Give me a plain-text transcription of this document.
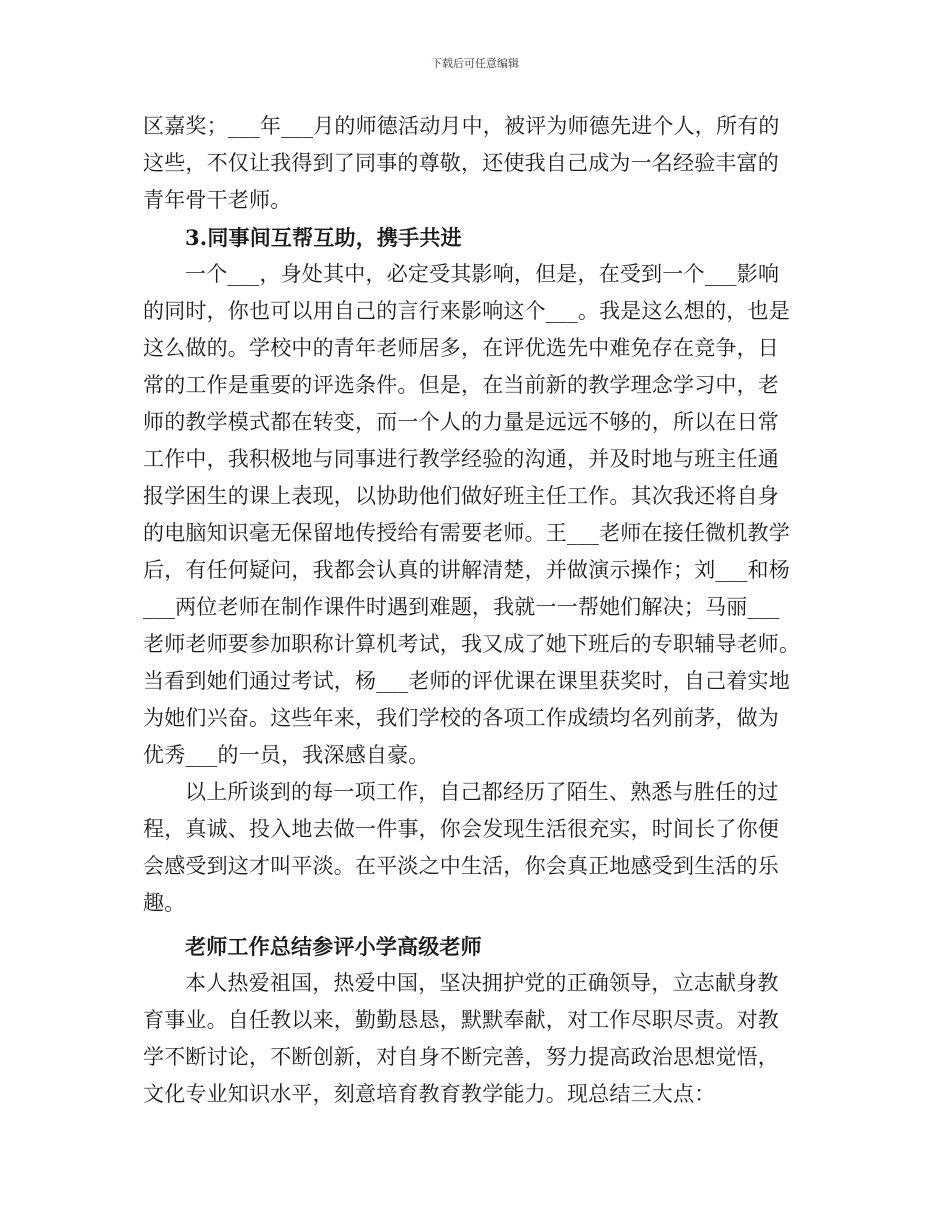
下载后可任意编辑
区嘉奖；___年___月的师德活动月中，被评为师德先进个人，所有的
这些，不仅让我得到了同事的尊敬，还使我自己成为一名经验丰富的
青年骨干老师。
3.同事间互帮互助，携手共进
一个___，身处其中，必定受其影响，但是，在受到一个___影响
的同时，你也可以用自己的言行来影响这个___。我是这么想的，也是
这么做的。学校中的青年老师居多，在评优选先中难免存在竞争，日
常的工作是重要的评选条件。但是，在当前新的教学理念学习中，老
师的教学模式都在转变，而一个人的力量是远远不够的，所以在日常
工作中，我积极地与同事进行教学经验的沟通，并及时地与班主任通
报学困生的课上表现，以协助他们做好班主任工作。其次我还将自身
的电脑知识毫无保留地传授给有需要老师。王___老师在接任微机教学
后，有任何疑问，我都会认真的讲解清楚，并做演示操作；刘___和杨
___两位老师在制作课件时遇到难题，我就一一帮她们解决；马丽___
老师老师要参加职称计算机考试，我又成了她下班后的专职辅导老师。
当看到她们通过考试，杨___老师的评优课在课里获奖时，自己着实地
为她们兴奋。这些年来，我们学校的各项工作成绩均名列前茅，做为
优秀___的一员，我深感自豪。
以上所谈到的每一项工作，自己都经历了陌生、熟悉与胜任的过
程，真诚、投入地去做一件事，你会发现生活很充实，时间长了你便
会感受到这才叫平淡。在平淡之中生活，你会真正地感受到生活的乐
趣。
老师工作总结参评小学高级老师
本人热爱祖国，热爱中国，坚决拥护党的正确领导，立志献身教
育事业。自任教以来，勤勤恳恳，默默奉献，对工作尽职尽责。对教
学不断讨论，不断创新，对自身不断完善，努力提高政治思想觉悟，
文化专业知识水平，刻意培育教育教学能力。现总结三大点：
